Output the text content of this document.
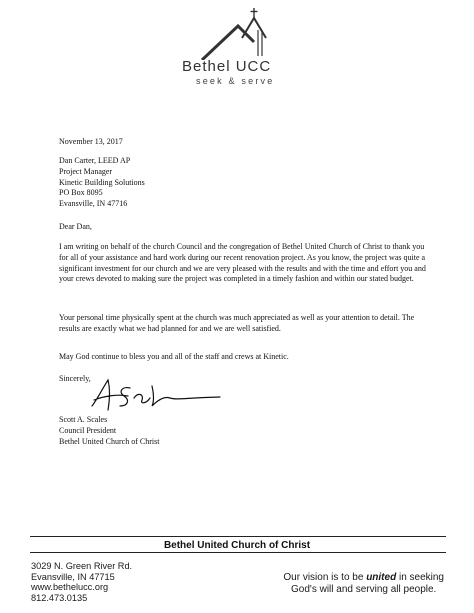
Bethel UCC
seek & serve
November 13, 2017
Dan Carter, LEED AP
Project Manager
Kinetic Building Solutions
PO Box 8095
Evansville, IN 47716
Dear Dan,
I am writing on behalf of the church Council and the congregation of Bethel United Church of Christ to thank you for all of your assistance and hard work during our recent renovation project. As you know, the project was quite a significant investment for our church and we are very pleased with the results and with the time and effort you and your crews devoted to making sure the project was completed in a timely fashion and within our stated budget.
Your personal time physically spent at the church was much appreciated as well as your attention to detail. The results are exactly what we had planned for and we are well satisfied.
May God continue to bless you and all of the staff and crews at Kinetic.
Sincerely,
Scott A. Scales
Council President
Bethel United Church of Christ
Bethel United Church of Christ
3029 N. Green River Rd.
Evansville, IN 47715
www.bethelucc.org
812.473.0135
Our vision is to be united in seeking
God's will and serving all people.
